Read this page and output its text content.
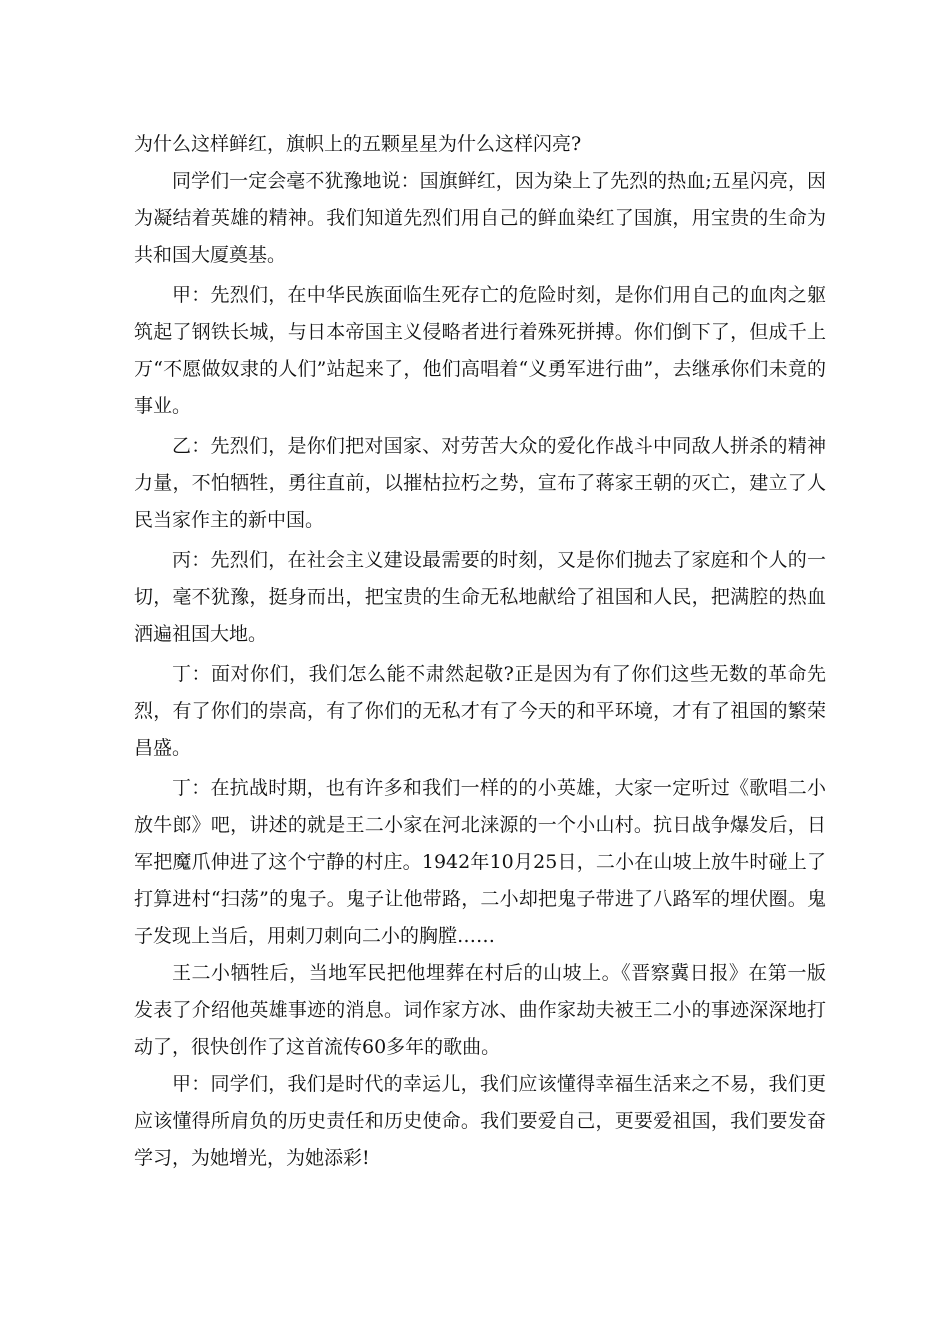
为什么这样鲜红，旗帜上的五颗星星为什么这样闪亮?

同学们一定会毫不犹豫地说：国旗鲜红，因为染上了先烈的热血;五星闪亮，因为凝结着英雄的精神。我们知道先烈们用自己的鲜血染红了国旗，用宝贵的生命为共和国大厦奠基。

甲：先烈们，在中华民族面临生死存亡的危险时刻，是你们用自己的血肉之躯筑起了钢铁长城，与日本帝国主义侵略者进行着殊死拼搏。你们倒下了，但成千上万“不愿做奴隶的人们”站起来了，他们高唱着“义勇军进行曲”，去继承你们未竟的事业。

乙：先烈们，是你们把对国家、对劳苦大众的爱化作战斗中同敌人拼杀的精神力量，不怕牺牲，勇往直前，以摧枯拉朽之势，宣布了蒋家王朝的灭亡，建立了人民当家作主的新中国。

丙：先烈们，在社会主义建设最需要的时刻，又是你们抛去了家庭和个人的一切，毫不犹豫，挺身而出，把宝贵的生命无私地献给了祖国和人民，把满腔的热血洒遍祖国大地。

丁：面对你们，我们怎么能不肃然起敬?正是因为有了你们这些无数的革命先烈，有了你们的崇高，有了你们的无私才有了今天的和平环境，才有了祖国的繁荣昌盛。

丁：在抗战时期，也有许多和我们一样的的小英雄，大家一定听过《歌唱二小放牛郎》吧，讲述的就是王二小家在河北涞源的一个小山村。抗日战争爆发后，日军把魔爪伸进了这个宁静的村庄。1942年10月25日，二小在山坡上放牛时碰上了打算进村“扫荡”的鬼子。鬼子让他带路，二小却把鬼子带进了八路军的埋伏圈。鬼子发现上当后，用刺刀刺向二小的胸膛……

王二小牺牲后，当地军民把他埋葬在村后的山坡上。《晋察冀日报》在第一版发表了介绍他英雄事迹的消息。词作家方冰、曲作家劫夫被王二小的事迹深深地打动了，很快创作了这首流传60多年的歌曲。

甲：同学们，我们是时代的幸运儿，我们应该懂得幸福生活来之不易，我们更应该懂得所肩负的历史责任和历史使命。我们要爱自己，更要爱祖国，我们要发奋学习，为她增光，为她添彩!
